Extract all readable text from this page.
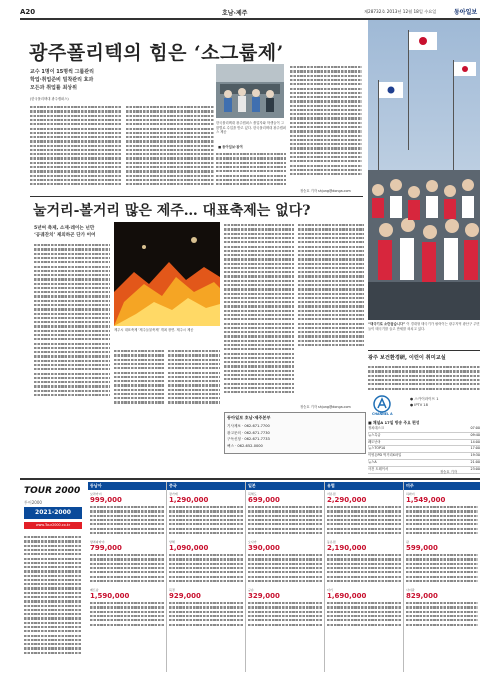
A20	호남·제주	제28732호 2013년 12월 18일 수요일	동아일보
광주폴리텍의 힘은 ‘소그룹제’
교수 1명이 15명씩 그룹관리
학업·취업준비 밀착관리 효과
모든과 취업률 최상위
(한국폴리텍대 광주캠퍼스)
한국폴리텍대 광주캠퍼스 졸업자와 학생들이 그룹별로 수업을 받고 있다. 한국폴리텍대 광주캠퍼스 제공
■ 동아일보·참여
정승호 기자 shjung@donga.com
눌거리-볼거리 많은 제주… 대표축제는 없다?
5년여 축제, 소재·레이는 넌만
‘공궤잔치’ 제외하곤 단가 어어
제주시 대표축제 ‘제주들불축제’ 개최 장면. 제주시 제공
정승호 기자 shjung@donga.com
동아일보 호남·제주본부
기사제보 · 062-671-7700
광고문의 · 062-671-7730
구독신청 · 062-671-7733
팩스 · 062-652-0000
“태극기로 소란잡습니다” 이 경대형 태극기가 펄럭이는 광주지역 광산구 주민들이 태극기를 들고 만세를 외치고 있다.
광주 보건환경硏, 이런이 취미교실
CHANNEL A
● 스카이라이프 1
● IPTV 18
■ 채널A 17일 방송 주요 편성
정치데스크	07:00
뉴스특급	09:40
쾌도난마	14:00
뉴스TOP10	17:00
이영돈PD 먹거리X파일	19:30
뉴스A	21:00
사건 트레이서	23:00
정승호 기자
TOUR 2000
투어2000
2021-2000
www.Tour2000.co.kr
동남아
보라카이
999,000
방콕파타야
799,000
베트남
1,590,000
중국
장가계
1,290,000
상해
1,090,000
북경
929,000
일본
북해도
699,000
오사카
390,000
규슈
329,000
유럽
서유럽
2,290,000
동유럽
2,190,000
터키
1,690,000
미주
하와이
1,549,000
괌
599,000
사이판
829,000
